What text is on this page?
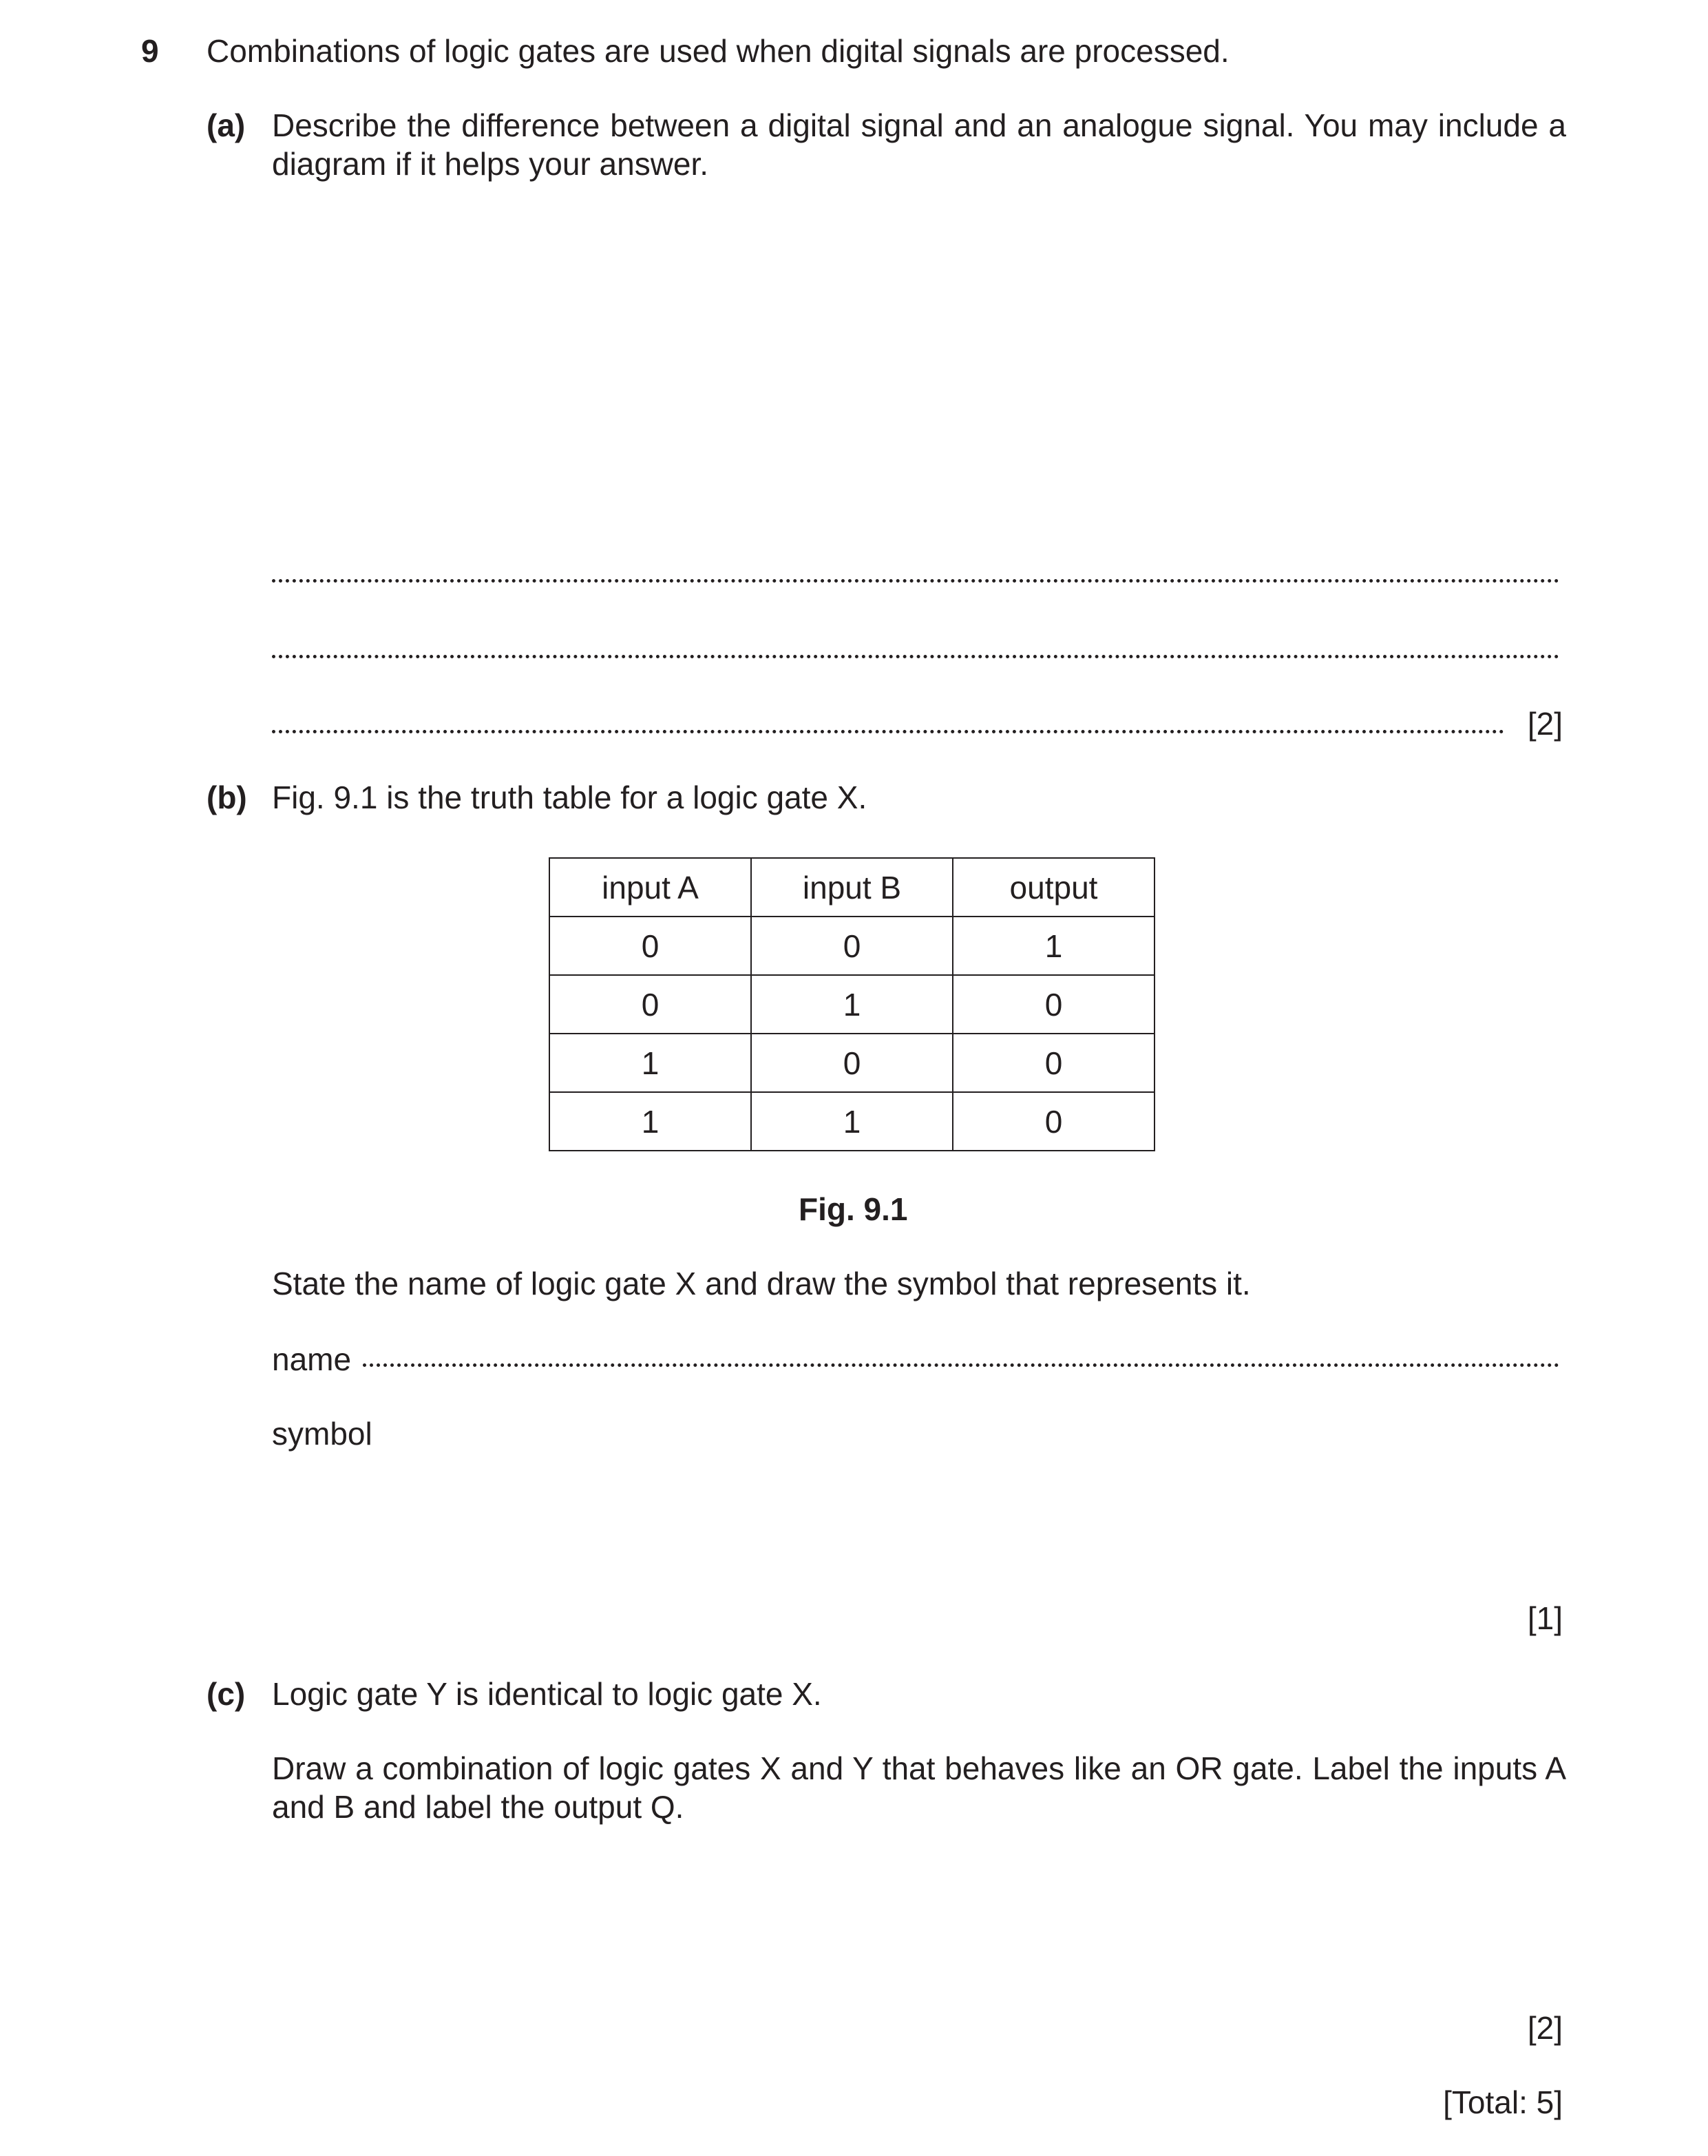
9 Combinations of logic gates are used when digital signals are processed.
(a) Describe the difference between a digital signal and an analogue signal. You may include a diagram if it helps your answer.
[2]
(b) Fig. 9.1 is the truth table for a logic gate X.
input A	input B	output
0	0	1
0	1	0
1	0	0
1	1	0
Fig. 9.1
State the name of logic gate X and draw the symbol that represents it.
name
symbol
[1]
(c) Logic gate Y is identical to logic gate X.
Draw a combination of logic gates X and Y that behaves like an OR gate. Label the inputs A and B and label the output Q.
[2]
[Total: 5]
